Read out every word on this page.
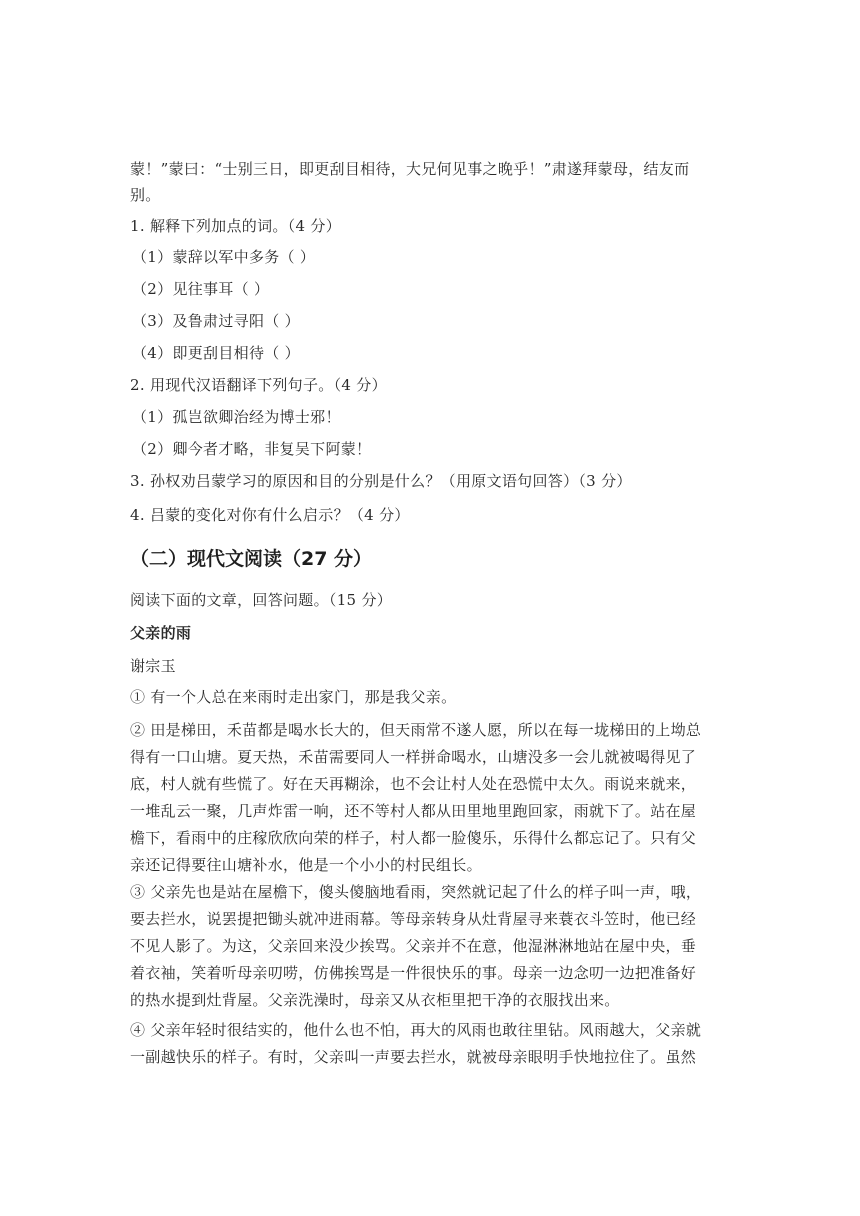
蒙！”蒙曰：“士别三日，即更刮目相待，大兄何见事之晚乎！”肃遂拜蒙母，结友而
别。
1. 解释下列加点的词。（4 分）
（1）蒙辞以军中多务（ ）
（2）见往事耳（ ）
（3）及鲁肃过寻阳（ ）
（4）即更刮目相待（ ）
2. 用现代汉语翻译下列句子。（4 分）
（1）孤岂欲卿治经为博士邪！
（2）卿今者才略，非复吴下阿蒙！
3. 孙权劝吕蒙学习的原因和目的分别是什么？（用原文语句回答）（3 分）
4. 吕蒙的变化对你有什么启示？（4 分）
（二）现代文阅读（27 分）
阅读下面的文章，回答问题。（15 分）
父亲的雨
谢宗玉
① 有一个人总在来雨时走出家门，那是我父亲。
② 田是梯田，禾苗都是喝水长大的，但天雨常不遂人愿，所以在每一垅梯田的上坳总
得有一口山塘。夏天热，禾苗需要同人一样拼命喝水，山塘没多一会儿就被喝得见了
底，村人就有些慌了。好在天再糊涂，也不会让村人处在恐慌中太久。雨说来就来，
一堆乱云一聚，几声炸雷一响，还不等村人都从田里地里跑回家，雨就下了。站在屋
檐下，看雨中的庄稼欣欣向荣的样子，村人都一脸傻乐，乐得什么都忘记了。只有父
亲还记得要往山塘补水，他是一个小小的村民组长。
③ 父亲先也是站在屋檐下，傻头傻脑地看雨，突然就记起了什么的样子叫一声，哦，
要去拦水，说罢提把锄头就冲进雨幕。等母亲转身从灶背屋寻来蓑衣斗笠时，他已经
不见人影了。为这，父亲回来没少挨骂。父亲并不在意，他湿淋淋地站在屋中央，垂
着衣袖，笑着听母亲叨唠，仿佛挨骂是一件很快乐的事。母亲一边念叨一边把准备好
的热水提到灶背屋。父亲洗澡时，母亲又从衣柜里把干净的衣服找出来。
④ 父亲年轻时很结实的，他什么也不怕，再大的风雨也敢往里钻。风雨越大，父亲就
一副越快乐的样子。有时，父亲叫一声要去拦水，就被母亲眼明手快地拉住了。虽然
